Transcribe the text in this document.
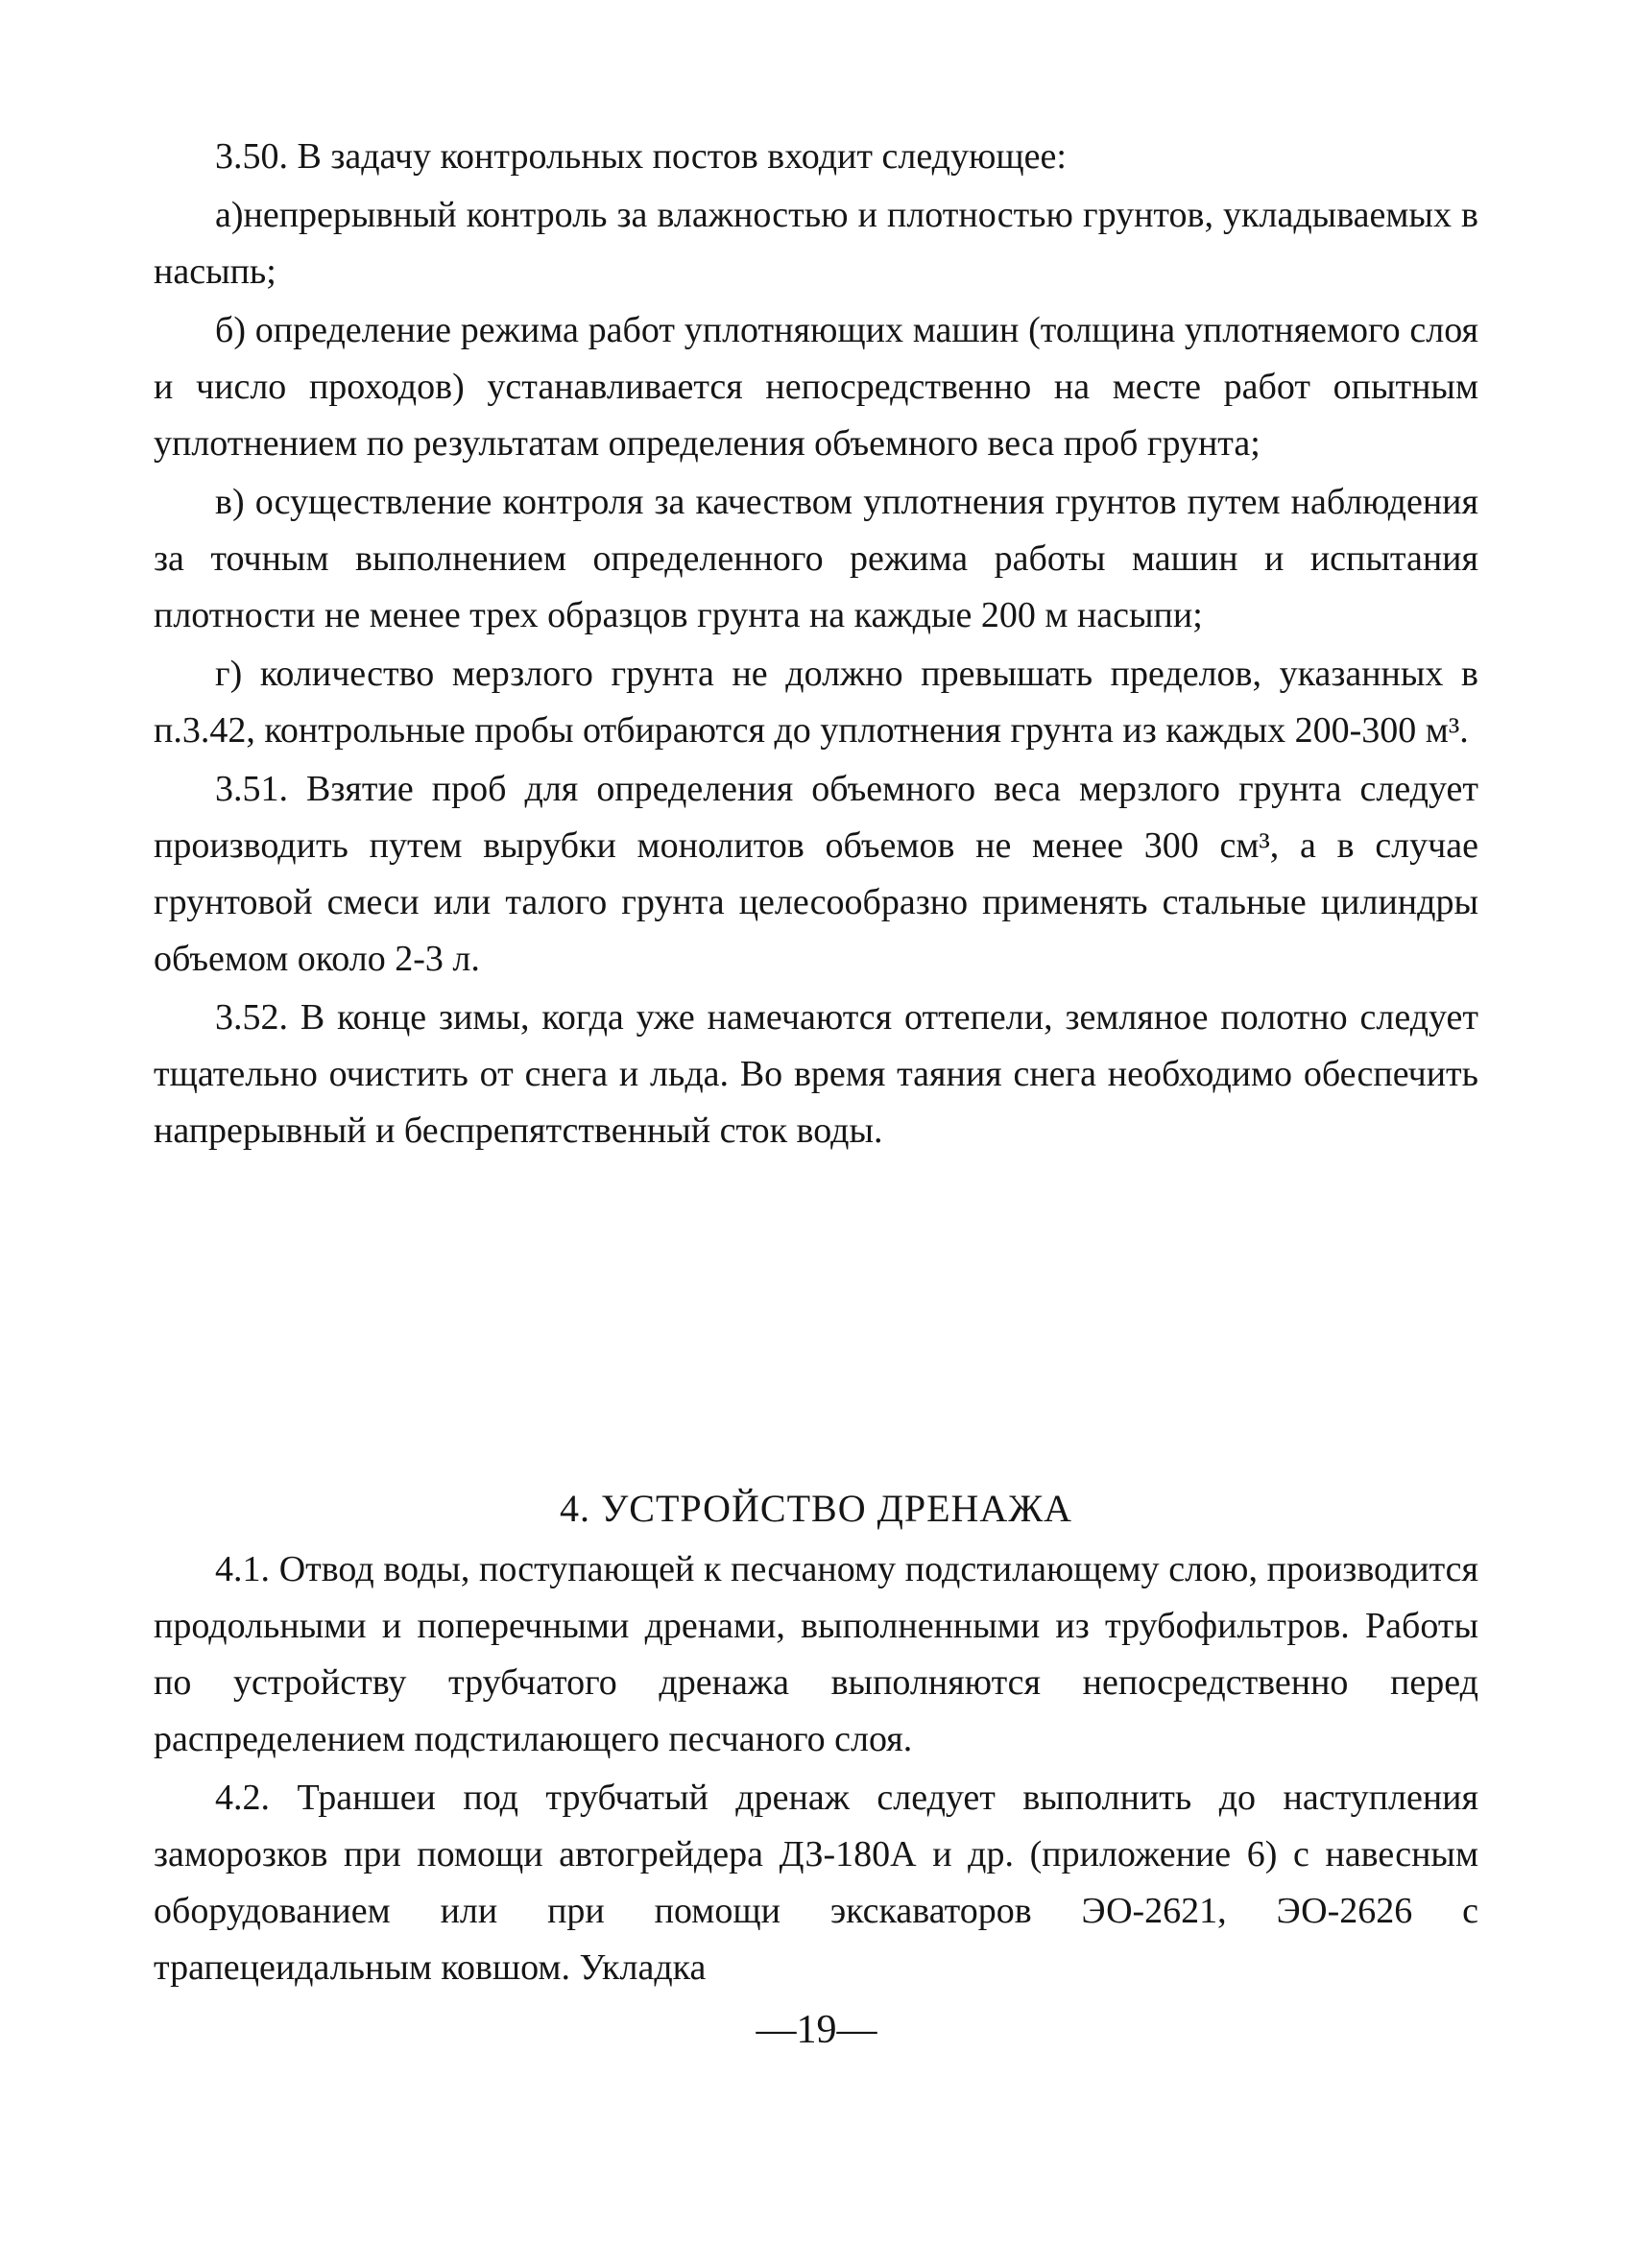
3.50. В задачу контрольных постов входит следующее:

а)непрерывный контроль за влажностью и плотностью грунтов, укладываемых в насыпь;

б) определение режима работ уплотняющих машин (толщина уплотняемого слоя и число проходов) устанавливается непосредственно на месте работ опытным уплотнением по результатам определения объемного веса проб грунта;

в) осуществление контроля за качеством уплотнения грунтов путем наблюдения за точным выполнением определенного режима работы машин и испытания плотности не менее трех образцов грунта на каждые 200 м насыпи;

г) количество мерзлого грунта не должно превышать пределов, указанных в п.3.42, контрольные пробы отбираются до уплотнения грунта из каждых 200-300 м³.

3.51. Взятие проб для определения объемного веса мерзлого грунта следует производить путем вырубки монолитов объемов не менее 300 см³, а в случае грунтовой смеси или талого грунта целесообразно применять стальные цилиндры объемом около 2-3 л.

3.52. В конце зимы, когда уже намечаются оттепели, земляное полотно следует тщательно очистить от снега и льда. Во время таяния снега необходимо обеспечить напрерывный и беспрепятственный сток воды.

4. УСТРОЙСТВО ДРЕНАЖА

4.1. Отвод воды, поступающей к песчаному подстилающему слою, производится продольными и поперечными дренами, выполненными из трубофильтров. Работы по устройству трубчатого дренажа выполняются непосредственно перед распределением подстилающего песчаного слоя.

4.2. Траншеи под трубчатый дренаж следует выполнить до наступления заморозков при помощи автогрейдера ДЗ-180А и др. (приложение 6) с навесным оборудованием или при помощи экскаваторов ЭО-2621, ЭО-2626 с трапецеидальным ковшом. Укладка

—19—
